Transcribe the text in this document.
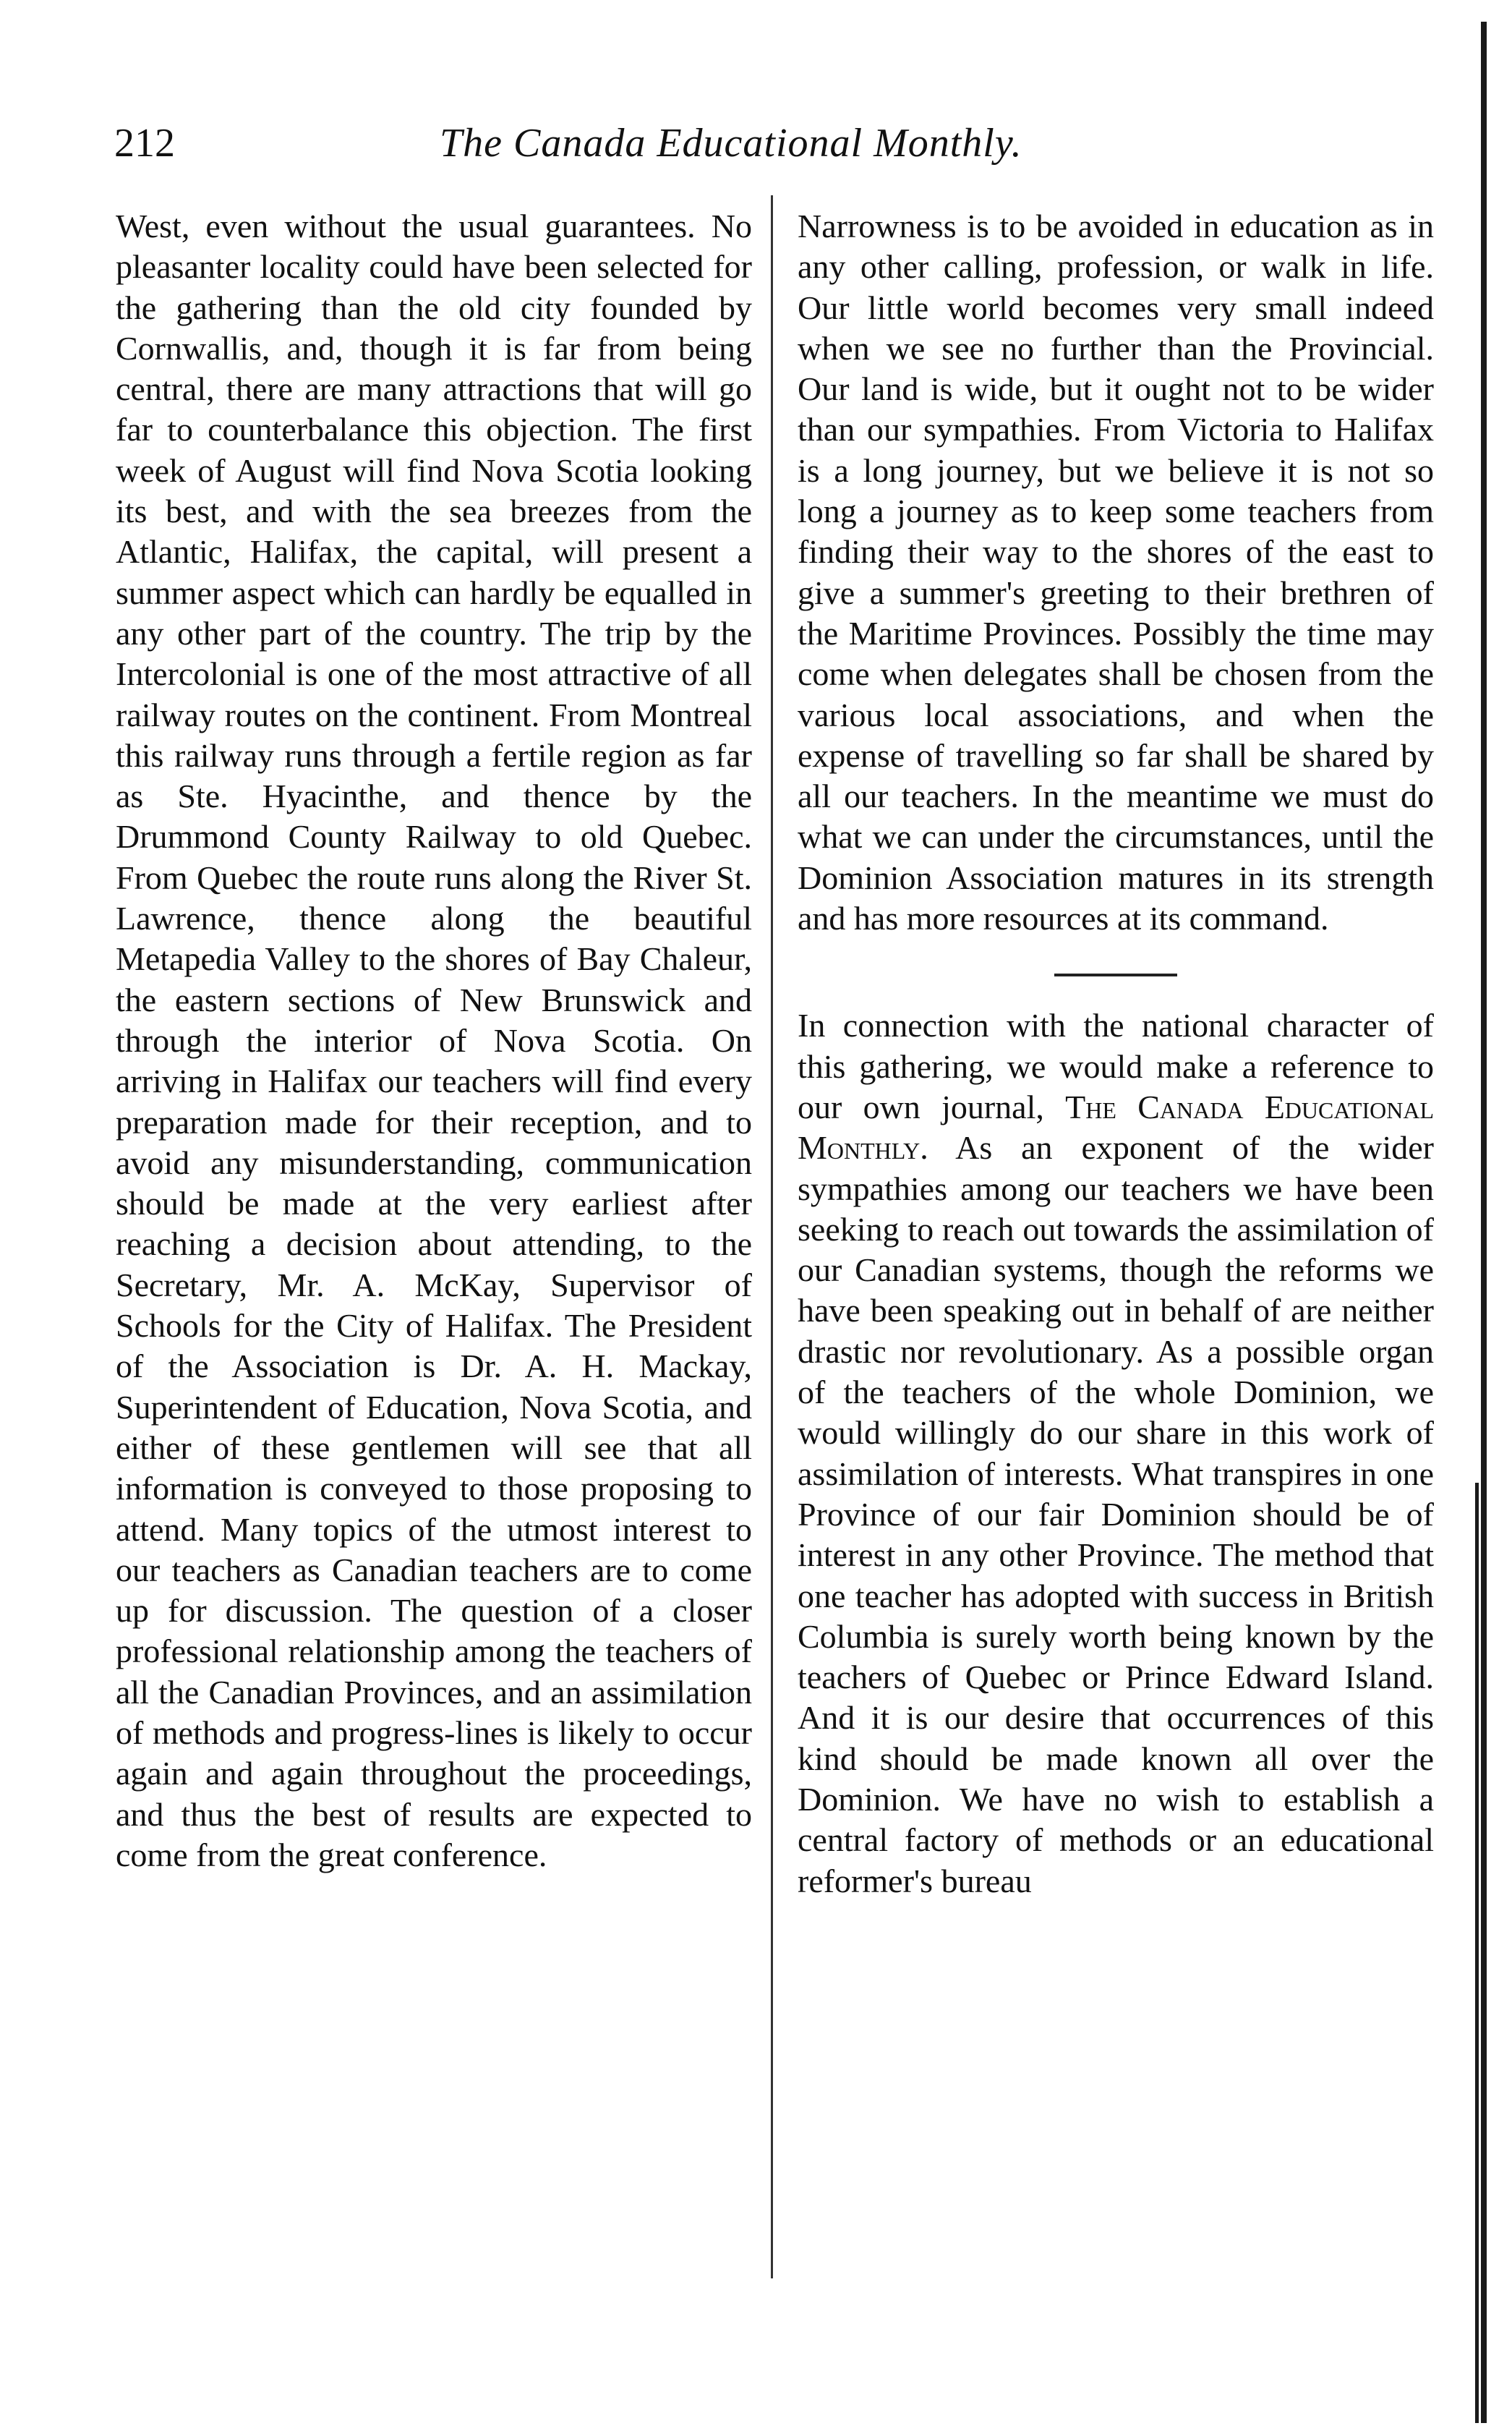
212	The Canada Educational Monthly.

West, even without the usual guarantees. No pleasanter locality could have been selected for the gathering than the old city founded by Cornwallis, and, though it is far from being central, there are many attractions that will go far to counterbalance this objection. The first week of August will find Nova Scotia looking its best, and with the sea breezes from the Atlantic, Halifax, the capital, will present a summer aspect which can hardly be equalled in any other part of the country. The trip by the Intercolonial is one of the most attractive of all railway routes on the continent. From Montreal this railway runs through a fertile region as far as Ste. Hyacinthe, and thence by the Drummond County Railway to old Quebec. From Quebec the route runs along the River St. Lawrence, thence along the beautiful Metapedia Valley to the shores of Bay Chaleur, the eastern sections of New Brunswick and through the interior of Nova Scotia. On arriving in Halifax our teachers will find every preparation made for their reception, and to avoid any misunderstanding, communication should be made at the very earliest after reaching a decision about attending, to the Secretary, Mr. A. McKay, Supervisor of Schools for the City of Halifax. The President of the Association is Dr. A. H. Mackay, Superintendent of Education, Nova Scotia, and either of these gentlemen will see that all information is conveyed to those proposing to attend. Many topics of the utmost interest to our teachers as Canadian teachers are to come up for discussion. The question of a closer professional relationship among the teachers of all the Canadian Provinces, and an assimilation of methods and progress-lines is likely to occur again and again throughout the proceedings, and thus the best of results are expected to come from the great conference.

Narrowness is to be avoided in education as in any other calling, profession, or walk in life. Our little world becomes very small indeed when we see no further than the Provincial. Our land is wide, but it ought not to be wider than our sympathies. From Victoria to Halifax is a long journey, but we believe it is not so long a journey as to keep some teachers from finding their way to the shores of the east to give a summer's greeting to their brethren of the Maritime Provinces. Possibly the time may come when delegates shall be chosen from the various local associations, and when the expense of travelling so far shall be shared by all our teachers. In the meantime we must do what we can under the circumstances, until the Dominion Association matures in its strength and has more resources at its command.

In connection with the national character of this gathering, we would make a reference to our own journal, The Canada Educational Monthly. As an exponent of the wider sympathies among our teachers we have been seeking to reach out towards the assimilation of our Canadian systems, though the reforms we have been speaking out in behalf of are neither drastic nor revolutionary. As a possible organ of the teachers of the whole Dominion, we would willingly do our share in this work of assimilation of interests. What transpires in one Province of our fair Dominion should be of interest in any other Province. The method that one teacher has adopted with success in British Columbia is surely worth being known by the teachers of Quebec or Prince Edward Island. And it is our desire that occurrences of this kind should be made known all over the Dominion. We have no wish to establish a central factory of methods or an educational reformer's bureau
